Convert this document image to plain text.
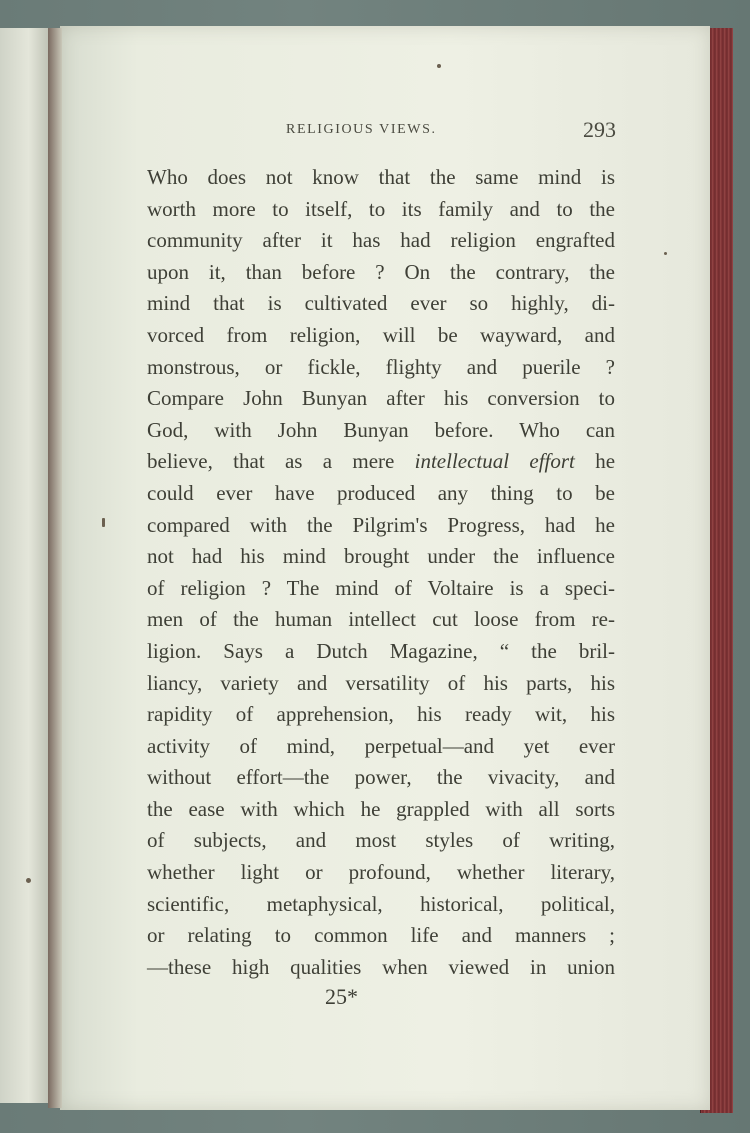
RELIGIOUS VIEWS.	293
Who does not know that the same mind is
worth more to itself, to its family and to the
community after it has had religion engrafted
upon it, than before ? On the contrary, the
mind that is cultivated ever so highly, di-
vorced from religion, will be wayward, and
monstrous, or fickle, flighty and puerile ?
Compare John Bunyan after his conversion to
God, with John Bunyan before. Who can
believe, that as a mere intellectual effort he
could ever have produced any thing to be
compared with the Pilgrim's Progress, had he
not had his mind brought under the influence
of religion ? The mind of Voltaire is a speci-
men of the human intellect cut loose from re-
ligion. Says a Dutch Magazine, “ the bril-
liancy, variety and versatility of his parts, his
rapidity of apprehension, his ready wit, his
activity of mind, perpetual—and yet ever
without effort—the power, the vivacity, and
the ease with which he grappled with all sorts
of subjects, and most styles of writing,
whether light or profound, whether literary,
scientific, metaphysical, historical, political,
or relating to common life and manners ;
—these high qualities when viewed in union
25*
